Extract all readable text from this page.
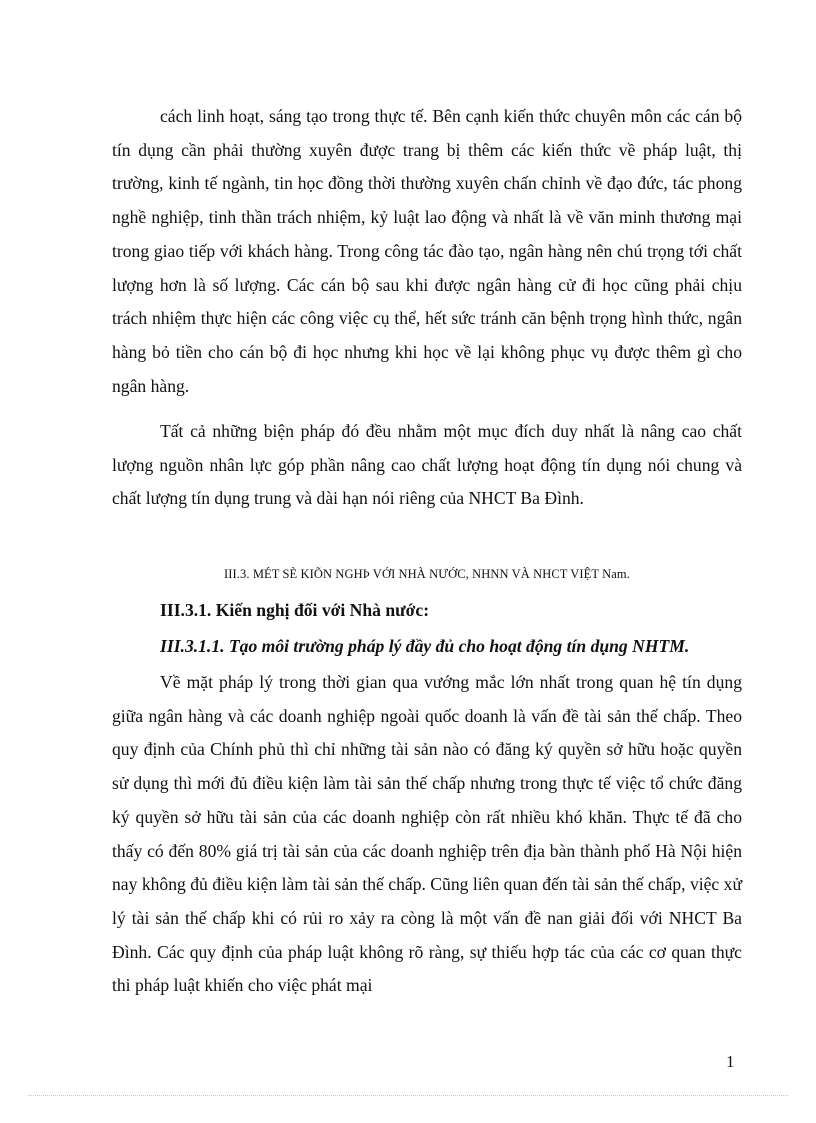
cách linh hoạt, sáng tạo trong thực tế. Bên cạnh kiến thức chuyên môn các cán bộ tín dụng cần phải thường xuyên được trang bị thêm các kiến thức về pháp luật, thị trường, kinh tế ngành, tin học đồng thời thường xuyên chấn chỉnh về đạo đức, tác phong nghề nghiệp, tinh thần trách nhiệm, kỷ luật lao động và nhất là về văn minh thương mại trong giao tiếp với khách hàng. Trong công tác đào tạo, ngân hàng nên chú trọng tới chất lượng hơn là số lượng. Các cán bộ sau khi được ngân hàng cử đi học cũng phải chịu trách nhiệm thực hiện các công việc cụ thể, hết sức tránh căn bệnh trọng hình thức, ngân hàng bỏ tiền cho cán bộ đi học nhưng khi học về lại không phục vụ được thêm gì cho ngân hàng.

Tất cả những biện pháp đó đều nhằm một mục đích duy nhất là nâng cao chất lượng nguồn nhân lực góp phần nâng cao chất lượng hoạt động tín dụng nói chung và chất lượng tín dụng trung và dài hạn nói riêng của NHCT Ba Đình.

III.3. MÉT SÈ KIÕN NGHÞ VỚI NHÀ NƯỚC, NHNN VÀ NHCT VIỆT Nam.
III.3.1. Kiến nghị đối với Nhà nước:
III.3.1.1. Tạo môi trường pháp lý đầy đủ cho hoạt động tín dụng NHTM.

Về mặt pháp lý trong thời gian qua vướng mắc lớn nhất trong quan hệ tín dụng giữa ngân hàng và các doanh nghiệp ngoài quốc doanh là vấn đề tài sản thế chấp. Theo quy định của Chính phủ thì chỉ những tài sản nào có đăng ký quyền sở hữu hoặc quyền sử dụng thì mới đủ điều kiện làm tài sản thế chấp nhưng trong thực tế việc tổ chức đăng ký quyền sở hữu tài sản của các doanh nghiệp còn rất nhiều khó khăn. Thực tế đã cho thấy có đến 80% giá trị tài sản của các doanh nghiệp trên địa bàn thành phố Hà Nội hiện nay không đủ điều kiện làm tài sản thế chấp. Cũng liên quan đến tài sản thế chấp, việc xử lý tài sản thế chấp khi có rủi ro xảy ra còng là một vấn đề nan giải đối với NHCT Ba Đình. Các quy định của pháp luật không rõ ràng, sự thiếu hợp tác của các cơ quan thực thi pháp luật khiến cho việc phát mại

1
